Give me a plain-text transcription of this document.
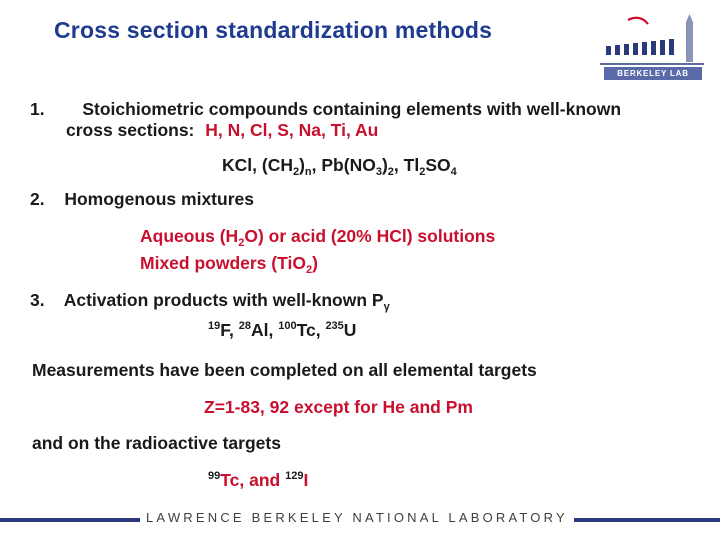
Cross section standardization methods
BERKELEY LAB
1. Stoichiometric compounds containing elements with well-known
cross sections: H, N, Cl, S, Na, Ti, Au
KCl, $(CH_2)_n$, $Pb(NO_3)_2$, $Tl_2SO_4$
2. Homogenous mixtures
Aqueous $(H_2O)$ or acid (20% HCl) solutions
Mixed powders (TiO$_2$)
3. Activation products with well-known $P_\gamma$
$^{19}$F, $^{28}$Al, $^{100}$Tc, $^{235}$U
Measurements have been completed on all elemental targets
Z=1-83, 92 except for He and Pm
and on the radioactive targets
$^{99}$Tc, and $^{129}$I
LAWRENCE BERKELEY NATIONAL LABORATORY
